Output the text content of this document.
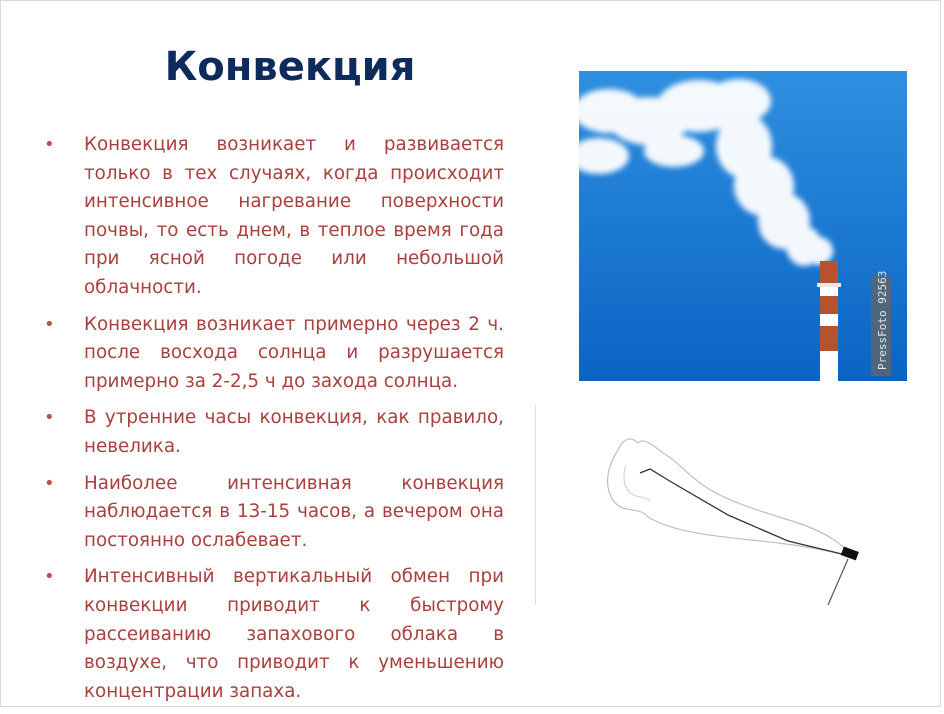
Конвекция
• Конвекция возникает и развивается только в тех случаях, когда происходит интенсивное нагревание поверхности почвы, то есть днем, в теплое время года при ясной погоде или небольшой облачности.
• Конвекция возникает примерно через 2 ч. после восхода солнца и разрушается примерно за 2-2,5 ч до захода солнца.
• В утренние часы конвекция, как правило, невелика.
• Наиболее интенсивная конвекция наблюдается в 13-15 часов, а вечером она постоянно ослабевает.
• Интенсивный вертикальный обмен при конвекции приводит к быстрому рассеиванию запахового облака в воздухе, что приводит к уменьшению концентрации запаха.
PressFoto 92563
